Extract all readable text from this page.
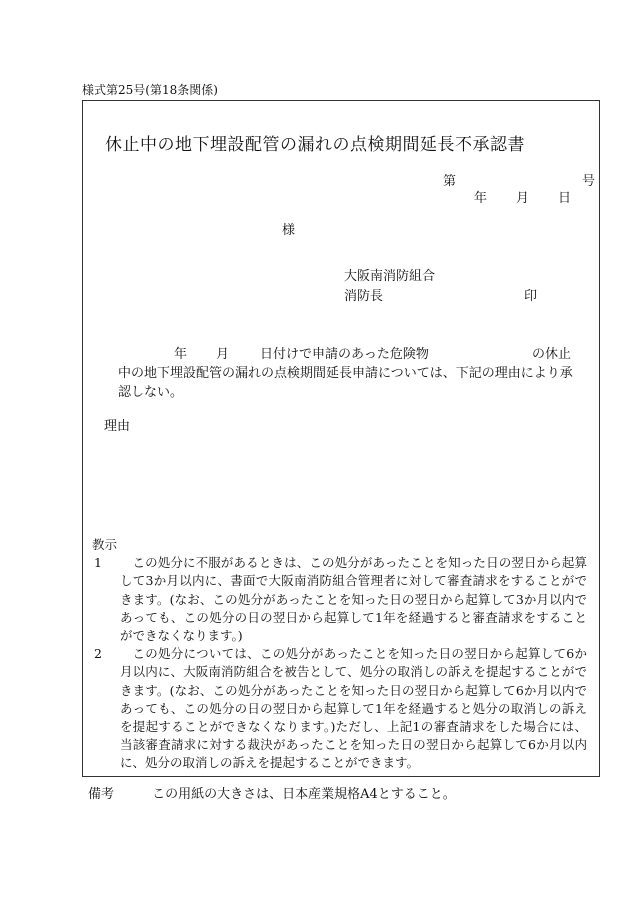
様式第25号(第18条関係)
休止中の地下埋設配管の漏れの点検期間延長不承認書
第	号
年 月 日
様
大阪南消防組合
消防長	印
年 月 日付けで申請のあった危険物	の休止
中の地下埋設配管の漏れの点検期間延長申請については、下記の理由により承認しない。
理由
教示
1	この処分に不服があるときは、この処分があったことを知った日の翌日から起算して3か月以内に、書面で大阪南消防組合管理者に対して審査請求をすることができます。(なお、この処分があったことを知った日の翌日から起算して3か月以内であっても、この処分の日の翌日から起算して1年を経過すると審査請求をすることができなくなります。)
2	この処分については、この処分があったことを知った日の翌日から起算して6か月以内に、大阪南消防組合を被告として、処分の取消しの訴えを提起することができます。(なお、この処分があったことを知った日の翌日から起算して6か月以内であっても、この処分の日の翌日から起算して1年を経過すると処分の取消しの訴えを提起することができなくなります。)ただし、上記1の審査請求をした場合には、当該審査請求に対する裁決があったことを知った日の翌日から起算して6か月以内に、処分の取消しの訴えを提起することができます。
備考	この用紙の大きさは、日本産業規格A4とすること。
